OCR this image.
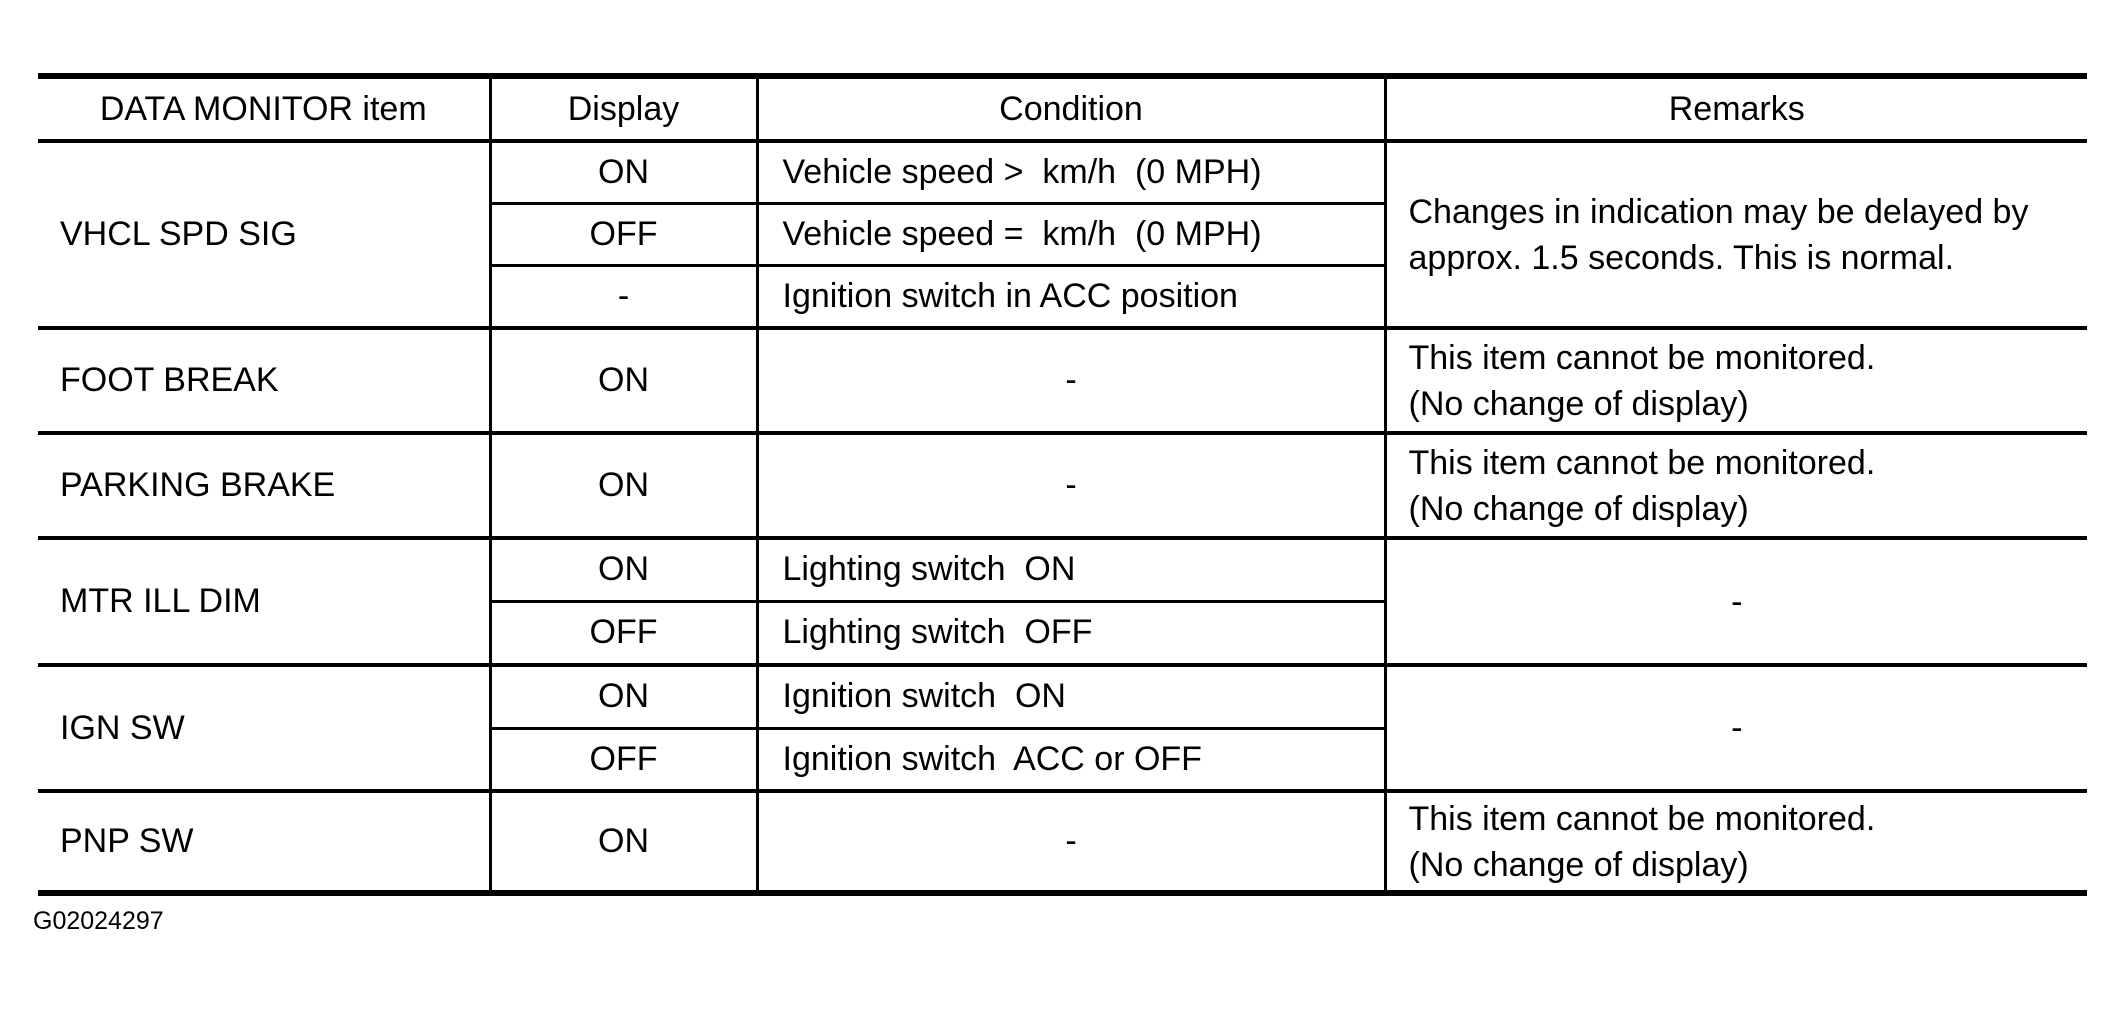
DATA MONITOR item	Display	Condition	Remarks
VHCL SPD SIG	ON	Vehicle speed >  km/h  (0 MPH)	Changes in indication may be delayed by
approx. 1.5 seconds. This is normal.

	OFF	Vehicle speed =  km/h  (0 MPH)	
	-	Ignition switch in ACC position	
FOOT BREAK	ON	-	This item cannot be monitored.
(No change of display)

PARKING BRAKE	ON	-	This item cannot be monitored.
(No change of display)

MTR ILL DIM	ON	Lighting switch  ON	-

	OFF	Lighting switch  OFF	
IGN SW	ON	Ignition switch  ON	-

	OFF	Ignition switch  ACC or OFF	
PNP SW	ON	-	This item cannot be monitored.
(No change of display)
G02024297
